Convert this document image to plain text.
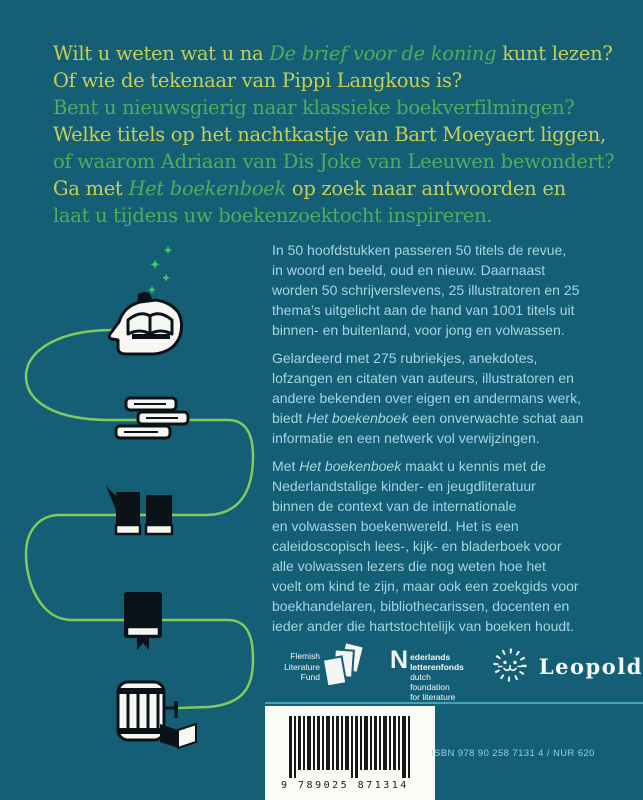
Wilt u weten wat u na De brief voor de koning kunt lezen?
Of wie de tekenaar van Pippi Langkous is?
Bent u nieuwsgierig naar klassieke boekverfilmingen?
Welke titels op het nachtkastje van Bart Moeyaert liggen,
of waarom Adriaan van Dis Joke van Leeuwen bewondert?
Ga met Het boekenboek op zoek naar antwoorden en
laat u tijdens uw boekenzoektocht inspireren.

In 50 hoofdstukken passeren 50 titels de revue,
in woord en beeld, oud en nieuw. Daarnaast
worden 50 schrijverslevens, 25 illustratoren en 25
thema’s uitgelicht aan de hand van 1001 titels uit
binnen- en buitenland, voor jong en volwassen.

Gelardeerd met 275 rubriekjes, anekdotes,
lofzangen en citaten van auteurs, illustratoren en
andere bekenden over eigen en andermans werk,
biedt Het boekenboek een onverwachte schat aan
informatie en een netwerk vol verwijzingen.

Met Het boekenboek maakt u kennis met de
Nederlandstalige kinder- en jeugdliteratuur
binnen de context van de internationale
en volwassen boekenwereld. Het is een
caleidoscopisch lees-, kijk- en bladerboek voor
alle volwassen lezers die nog weten hoe het
voelt om kind te zijn, maar ook een zoekgids voor
boekhandelaren, bibliothecarissen, docenten en
ieder ander die hartstochtelijk van boeken houdt.

Flemish
Literature
Fund
N ederlands
letterenfonds
dutch foundation
for literature
Leopold
9 789025 871314
ISBN 978 90 258 7131 4 / NUR 620
